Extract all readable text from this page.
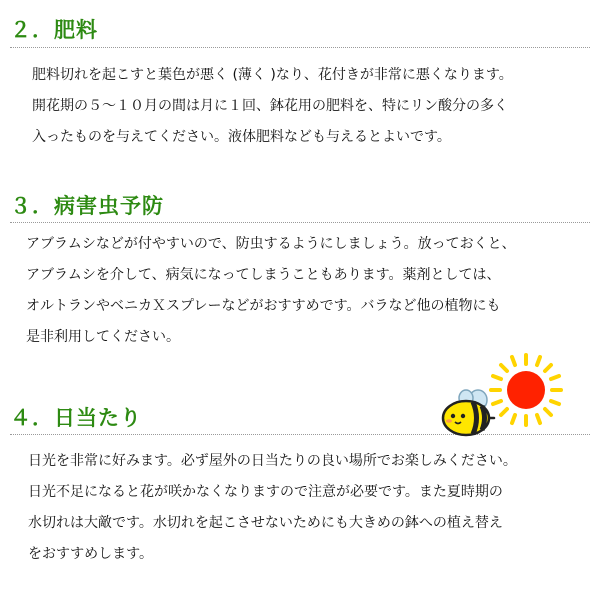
２．肥料
肥料切れを起こすと葉色が悪く (薄く )なり、花付きが非常に悪くなります。
開花期の５～１０月の間は月に１回、鉢花用の肥料を、特にリン酸分の多く
入ったものを与えてください。液体肥料なども与えるとよいです。
３．病害虫予防
アブラムシなどが付やすいので、防虫するようにしましょう。放っておくと、
アブラムシを介して、病気になってしまうこともあります。薬剤としては、
オルトランやベニカＸスプレーなどがおすすめです。バラなど他の植物にも
是非利用してください。
４．日当たり
日光を非常に好みます。必ず屋外の日当たりの良い場所でお楽しみください。
日光不足になると花が咲かなくなりますので注意が必要です。また夏時期の
水切れは大敵です。水切れを起こさせないためにも大きめの鉢への植え替え
をおすすめします。
